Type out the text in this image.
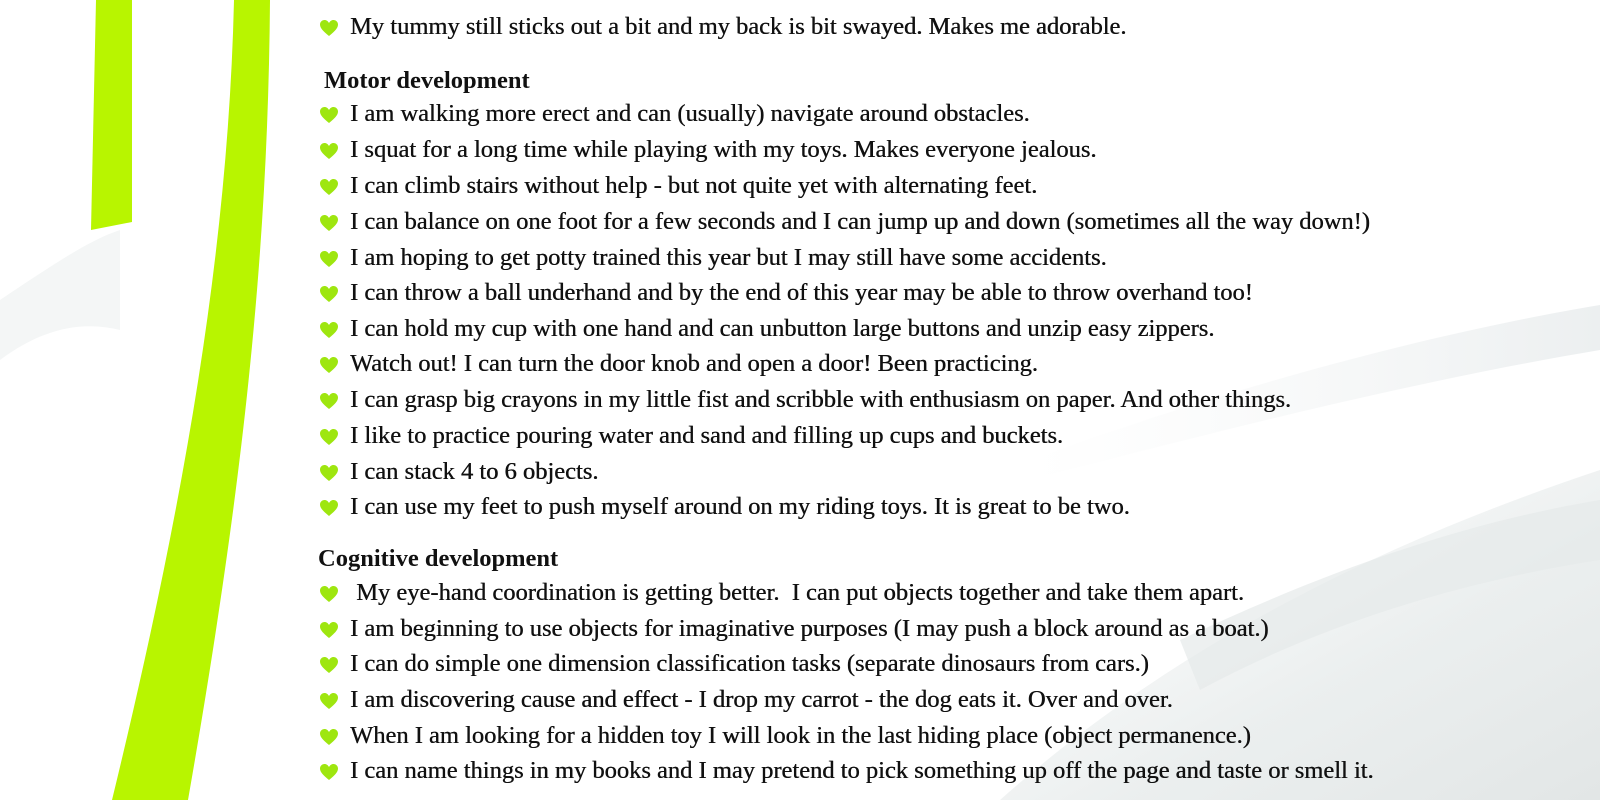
My tummy still sticks out a bit and my back is bit swayed. Makes me adorable.
Motor development
I am walking more erect and can (usually) navigate around obstacles.
I squat for a long time while playing with my toys. Makes everyone jealous.
I can climb stairs without help - but not quite yet with alternating feet.
I can balance on one foot for a few seconds and I can jump up and down (sometimes all the way down!)
I am hoping to get potty trained this year but I may still have some accidents.
I can throw a ball underhand and by the end of this year may be able to throw overhand too!
I can hold my cup with one hand and can unbutton large buttons and unzip easy zippers.
Watch out! I can turn the door knob and open a door! Been practicing.
I can grasp big crayons in my little fist and scribble with enthusiasm on paper. And other things.
I like to practice pouring water and sand and filling up cups and buckets.
I can stack 4 to 6 objects.
I can use my feet to push myself around on my riding toys. It is great to be two.
Cognitive development
My eye-hand coordination is getting better.  I can put objects together and take them apart.
I am beginning to use objects for imaginative purposes (I may push a block around as a boat.)
I can do simple one dimension classification tasks (separate dinosaurs from cars.)
I am discovering cause and effect - I drop my carrot - the dog eats it. Over and over.
When I am looking for a hidden toy I will look in the last hiding place (object permanence.)
I can name things in my books and I may pretend to pick something up off the page and taste or smell it.
